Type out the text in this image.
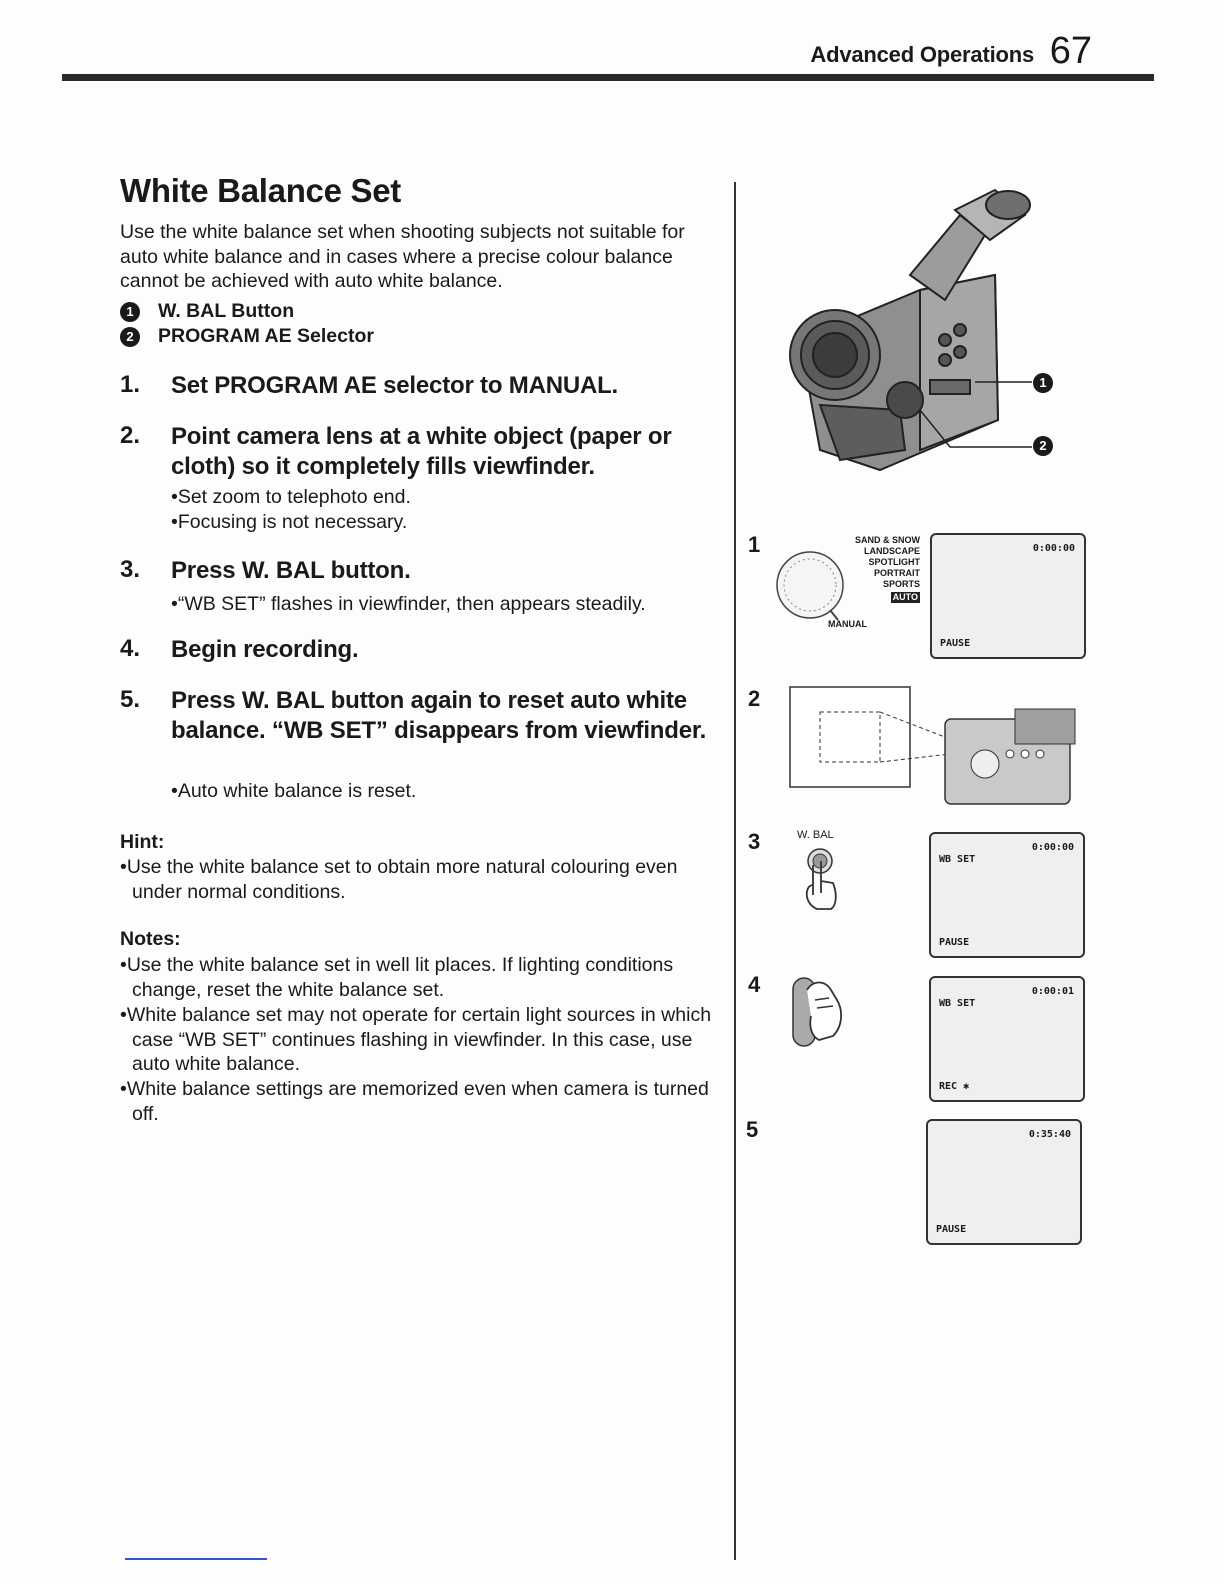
Advanced Operations 67
White Balance Set
Use the white balance set when shooting subjects not suitable for auto white balance and in cases where a precise colour balance cannot be achieved with auto white balance.
1	W. BAL Button
2	PROGRAM AE Selector
1. Set PROGRAM AE selector to MANUAL.
2. Point camera lens at a white object (paper or cloth) so it completely fills viewfinder.
•Set zoom to telephoto end.
•Focusing is not necessary.
3. Press W. BAL button.
•“WB SET” flashes in viewfinder, then appears steadily.
4. Begin recording.
5. Press W. BAL button again to reset auto white balance. “WB SET” disappears from viewfinder.
•Auto white balance is reset.
Hint:
•Use the white balance set to obtain more natural colouring even under normal conditions.
Notes:
•Use the white balance set in well lit places. If lighting conditions change, reset the white balance set.
•White balance set may not operate for certain light sources in which case “WB SET” continues flashing in viewfinder. In this case, use auto white balance.
•White balance settings are memorized even when camera is turned off.
1
2
1	SAND & SNOW
LANDSCAPE
SPOTLIGHT
PORTRAIT
SPORTS
AUTO
MANUAL
0:00:00
PAUSE
2
3	W. BAL
0:00:00
WB SET
PAUSE
4	0:00:01
WB SET
REC ✱
5	0:35:40
PAUSE
